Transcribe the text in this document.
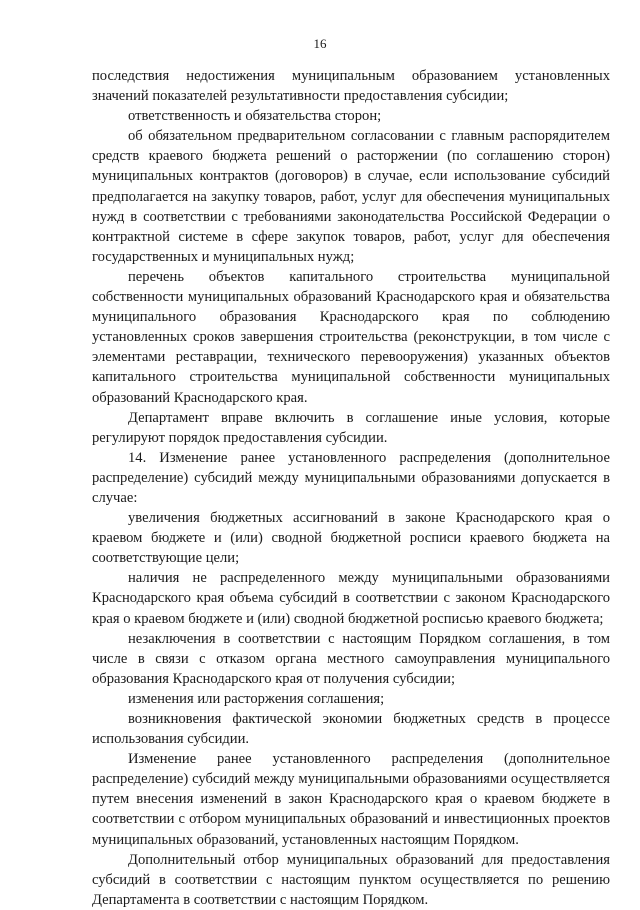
16

последствия недостижения муниципальным образованием установленных значений показателей результативности предоставления субсидии;

ответственность и обязательства сторон;

об обязательном предварительном согласовании с главным распорядителем средств краевого бюджета решений о расторжении (по соглашению сторон) муниципальных контрактов (договоров) в случае, если использование субсидий предполагается на закупку товаров, работ, услуг для обеспечения муниципальных нужд в соответствии с требованиями законодательства Российской Федерации о контрактной системе в сфере закупок товаров, работ, услуг для обеспечения государственных и муниципальных нужд;

перечень объектов капитального строительства муниципальной собственности муниципальных образований Краснодарского края и обязательства муниципального образования Краснодарского края по соблюдению установленных сроков завершения строительства (реконструкции, в том числе с элементами реставрации, технического перевооружения) указанных объектов капитального строительства муниципальной собственности муниципальных образований Краснодарского края.

Департамент вправе включить в соглашение иные условия, которые регулируют порядок предоставления субсидии.

14. Изменение ранее установленного распределения (дополнительное распределение) субсидий между муниципальными образованиями допускается в случае:

увеличения бюджетных ассигнований в законе Краснодарского края о краевом бюджете и (или) сводной бюджетной росписи краевого бюджета на соответствующие цели;

наличия не распределенного между муниципальными образованиями Краснодарского края объема субсидий в соответствии с законом Краснодарского края о краевом бюджете и (или) сводной бюджетной росписью краевого бюджета;

незаключения в соответствии с настоящим Порядком соглашения, в том числе в связи с отказом органа местного самоуправления муниципального образования Краснодарского края от получения субсидии;

изменения или расторжения соглашения;

возникновения фактической экономии бюджетных средств в процессе использования субсидии.

Изменение ранее установленного распределения (дополнительное распределение) субсидий между муниципальными образованиями осуществляется путем внесения изменений в закон Краснодарского края о краевом бюджете в соответствии с отбором муниципальных образований и инвестиционных проектов муниципальных образований, установленных настоящим Порядком.

Дополнительный отбор муниципальных образований для предоставления субсидий в соответствии с настоящим пунктом осуществляется по решению Департамента в соответствии с настоящим Порядком.
